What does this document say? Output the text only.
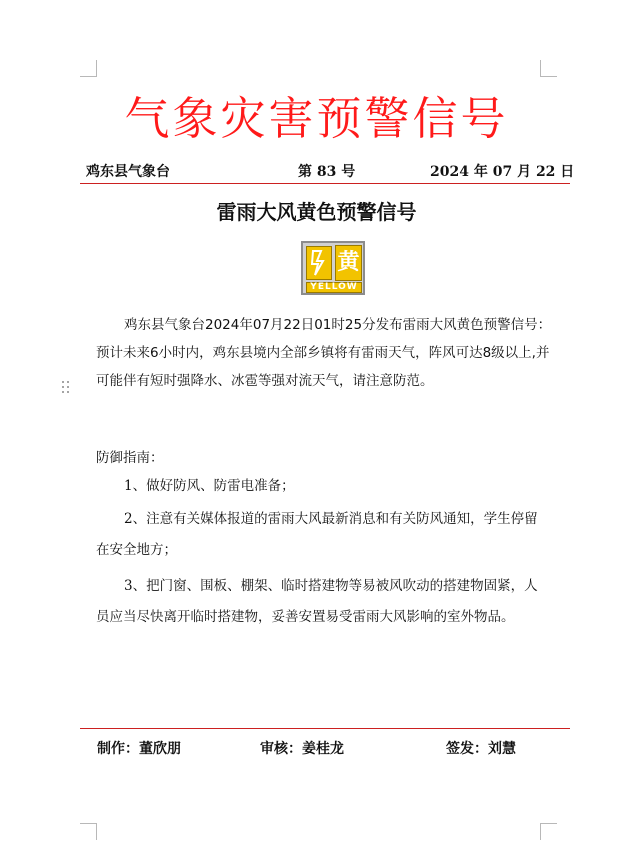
气象灾害预警信号
鸡东县气象台	第 83 号	2024 年 07 月 22 日
雷雨大风黄色预警信号
黄
YELLOW

鸡东县气象台2024年07月22日01时25分发布雷雨大风黄色预警信号：预计未来6小时内，鸡东县境内全部乡镇将有雷雨天气，阵风可达8级以上,并可能伴有短时强降水、冰雹等强对流天气，请注意防范。

防御指南：

1、做好防风、防雷电准备；

2、注意有关媒体报道的雷雨大风最新消息和有关防风通知，学生停留在安全地方；

3、把门窗、围板、棚架、临时搭建物等易被风吹动的搭建物固紧，人员应当尽快离开临时搭建物，妥善安置易受雷雨大风影响的室外物品。

制作：董欣朋	审核：姜桂龙	签发：刘慧
